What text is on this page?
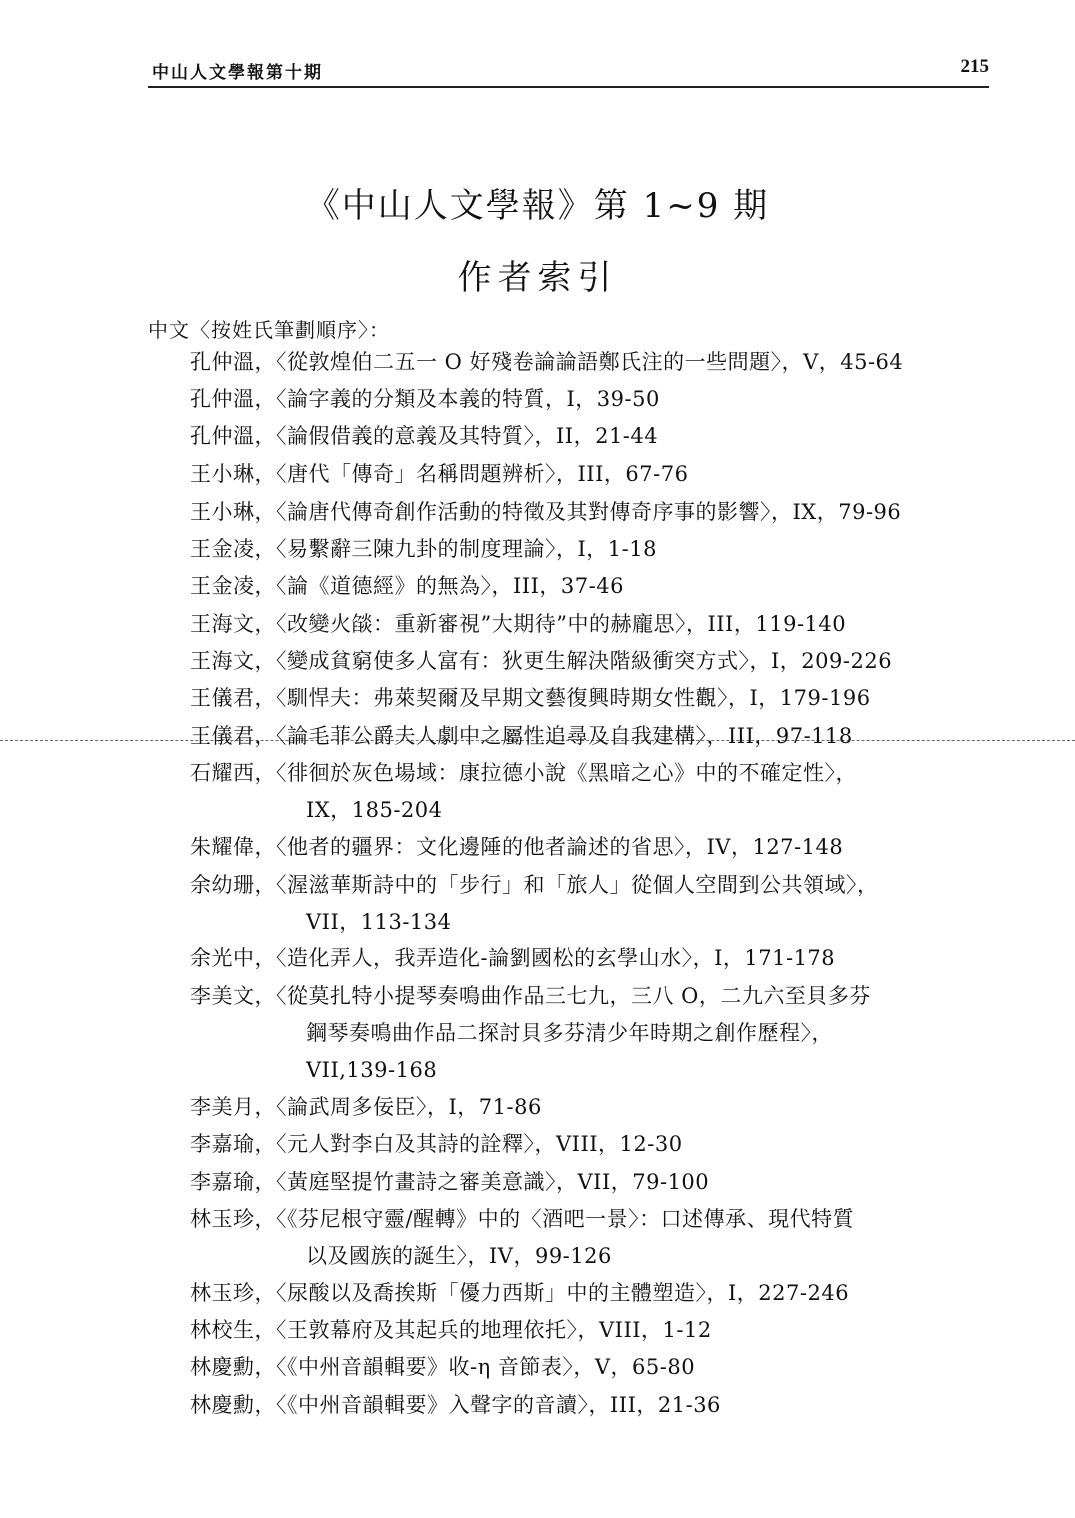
中山人文學報第十期	215
《中山人文學報》第 1~9 期
作者索引
中文〈按姓氏筆劃順序〉：
孔仲溫，〈從敦煌伯二五一 O 好殘卷論論語鄭氏注的一些問題〉，V，45-64
孔仲溫，〈論字義的分類及本義的特質，I，39-50
孔仲溫，〈論假借義的意義及其特質〉，II，21-44
王小琳，〈唐代「傳奇」名稱問題辨析〉，III，67-76
王小琳，〈論唐代傳奇創作活動的特徵及其對傳奇序事的影響〉，IX，79-96
王金凌，〈易繫辭三陳九卦的制度理論〉，I，1-18
王金凌，〈論《道德經》的無為〉，III，37-46
王海文，〈改變火燄：重新審視”大期待”中的赫龐思〉，III，119-140
王海文，〈變成貧窮使多人富有：狄更生解決階級衝突方式〉，I，209-226
王儀君，〈馴悍夫：弗萊契爾及早期文藝復興時期女性觀〉，I，179-196
王儀君，〈論毛菲公爵夫人劇中之屬性追尋及自我建構〉，III，97-118
石耀西，〈徘徊於灰色場域：康拉德小說《黑暗之心》中的不確定性〉，
IX，185-204
朱耀偉，〈他者的疆界：文化邊陲的他者論述的省思〉，IV，127-148
余幼珊，〈渥滋華斯詩中的「步行」和「旅人」從個人空間到公共領域〉，
VII，113-134
余光中，〈造化弄人，我弄造化-論劉國松的玄學山水〉，I，171-178
李美文，〈從莫扎特小提琴奏鳴曲作品三七九，三八 O，二九六至貝多芬
鋼琴奏鳴曲作品二探討貝多芬清少年時期之創作歷程〉，
VII,139-168
李美月，〈論武周多佞臣〉，I，71-86
李嘉瑜，〈元人對李白及其詩的詮釋〉，VIII，12-30
李嘉瑜，〈黃庭堅提竹畫詩之審美意識〉，VII，79-100
林玉珍，〈《芬尼根守靈/醒轉》中的〈酒吧一景〉：口述傳承、現代特質
以及國族的誕生〉，IV，99-126
林玉珍，〈尿酸以及喬挨斯「優力西斯」中的主體塑造〉，I，227-246
林校生，〈王敦幕府及其起兵的地理依托〉，VIII，1-12
林慶勳，〈《中州音韻輯要》收-η 音節表〉，V，65-80
林慶勳，〈《中州音韻輯要》入聲字的音讀〉，III，21-36
